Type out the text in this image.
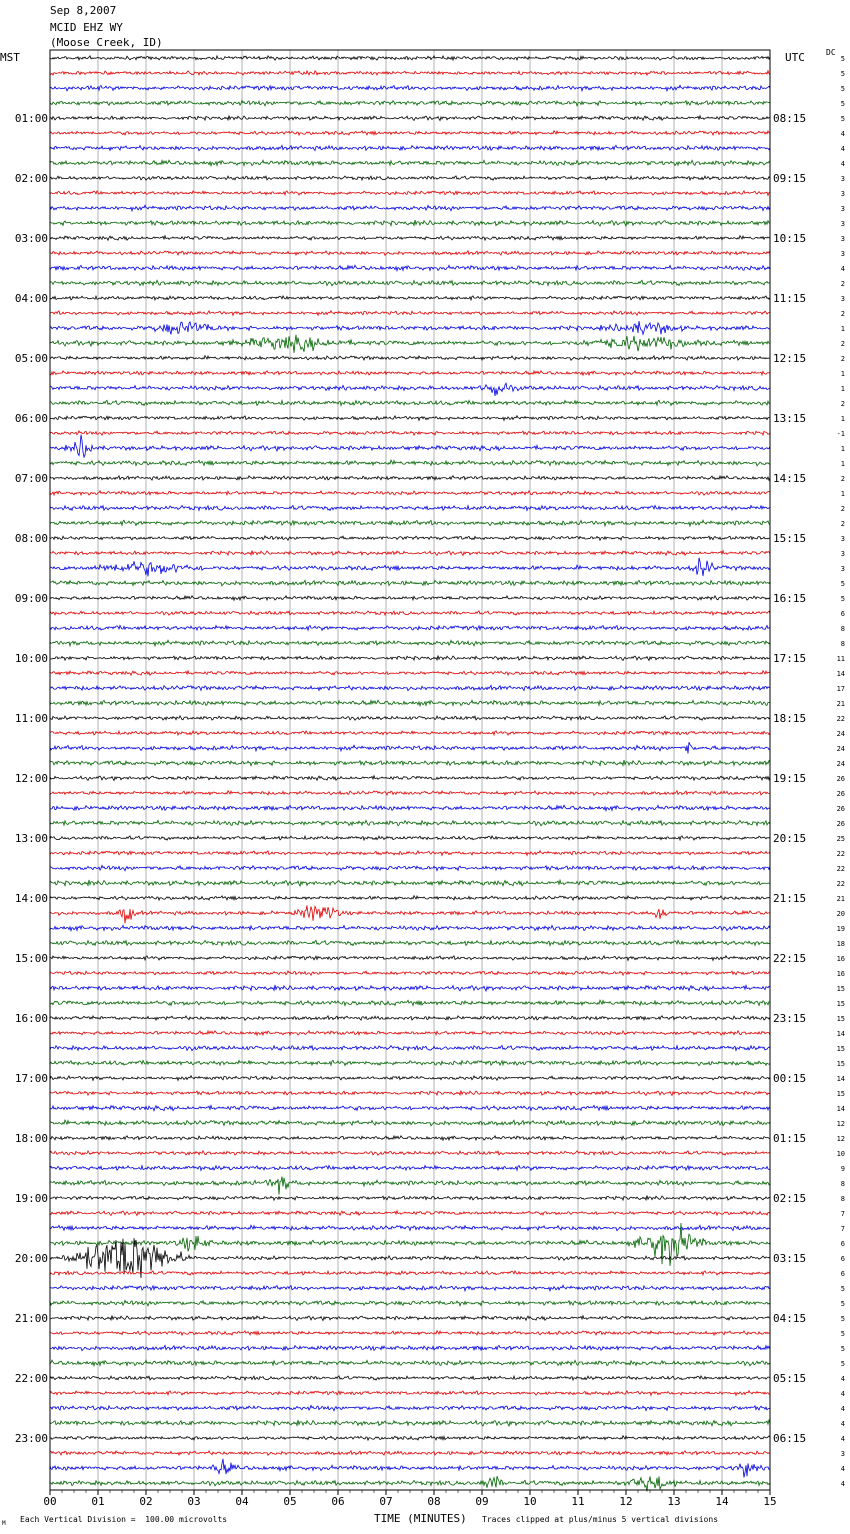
Sep 8,2007
MCID EHZ WY
(Moose Creek, ID)
MST	UTC	DC
01:00
02:00
03:00
04:00
05:00
06:00
07:00
08:00
09:00
10:00
11:00
12:00
13:00
14:00
15:00
16:00
17:00
18:00
19:00
20:00
21:00
22:00
23:00
08:15
09:15
10:15
11:15
12:15
13:15
14:15
15:15
16:15
17:15
18:15
19:15
20:15
21:15
22:15
23:15
00:15
01:15
02:15
03:15
04:15
05:15
06:15
5
5
5
5
5
4
4
4
3
3
3
3
3
3
4
2
3
2
1
2
2
1
1
2
1
-1
1
1
2
1
2
2
3
3
3
5
5
6
8
8
11
14
17
21
22
24
24
24
26
26
26
26
25
22
22
22
21
20
19
18
16
16
15
15
15
14
15
15
14
15
14
12
12
10
9
8
8
7
7
6
6
6
5
5
5
5
5
5
4
4
4
4
4
3
4
4
00	01	02	03	04	05	06	07	08	09	10	11	12	13	14	15
M Each Vertical Division =  100.00 microvolts	TIME (MINUTES) Traces clipped at plus/minus 5 vertical divisions
